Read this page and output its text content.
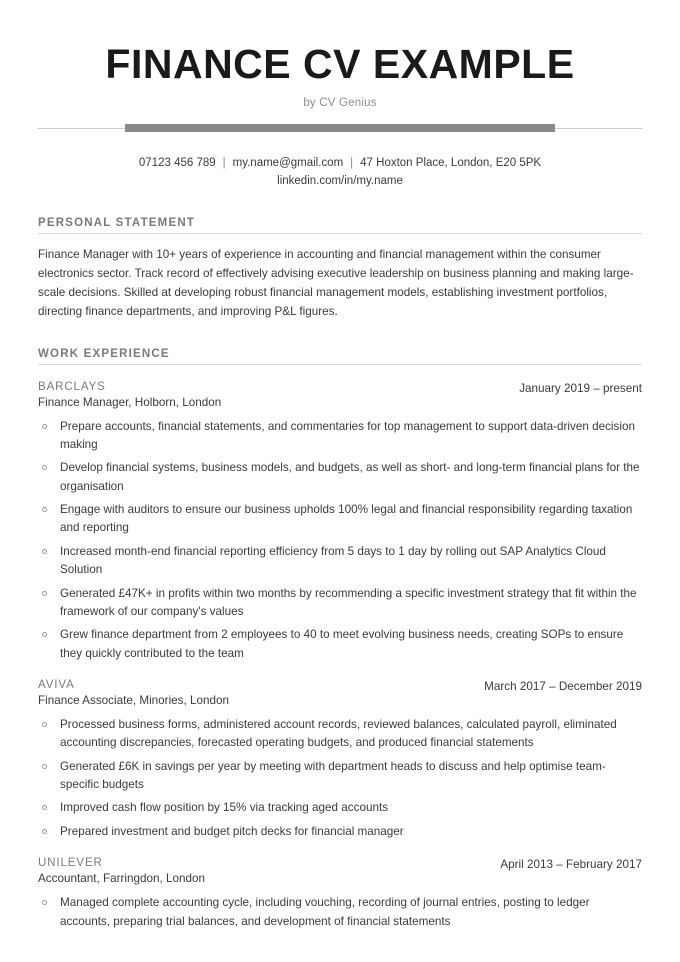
FINANCE CV EXAMPLE
by CV Genius
07123 456 789 | my.name@gmail.com | 47 Hoxton Place, London, E20 5PK
linkedin.com/in/my.name
PERSONAL STATEMENT
Finance Manager with 10+ years of experience in accounting and financial management within the consumer electronics sector. Track record of effectively advising executive leadership on business planning and making large-scale decisions. Skilled at developing robust financial management models, establishing investment portfolios, directing finance departments, and improving P&L figures.
WORK EXPERIENCE
BARCLAYS
Finance Manager, Holborn, London
January 2019 – present
Prepare accounts, financial statements, and commentaries for top management to support data-driven decision making
Develop financial systems, business models, and budgets, as well as short- and long-term financial plans for the organisation
Engage with auditors to ensure our business upholds 100% legal and financial responsibility regarding taxation and reporting
Increased month-end financial reporting efficiency from 5 days to 1 day by rolling out SAP Analytics Cloud Solution
Generated £47K+ in profits within two months by recommending a specific investment strategy that fit within the framework of our company's values
Grew finance department from 2 employees to 40 to meet evolving business needs, creating SOPs to ensure they quickly contributed to the team
AVIVA
Finance Associate, Minories, London
March 2017 – December 2019
Processed business forms, administered account records, reviewed balances, calculated payroll, eliminated accounting discrepancies, forecasted operating budgets, and produced financial statements
Generated £6K in savings per year by meeting with department heads to discuss and help optimise team-specific budgets
Improved cash flow position by 15% via tracking aged accounts
Prepared investment and budget pitch decks for financial manager
UNILEVER
Accountant, Farringdon, London
April 2013 – February 2017
Managed complete accounting cycle, including vouching, recording of journal entries, posting to ledger accounts, preparing trial balances, and development of financial statements
